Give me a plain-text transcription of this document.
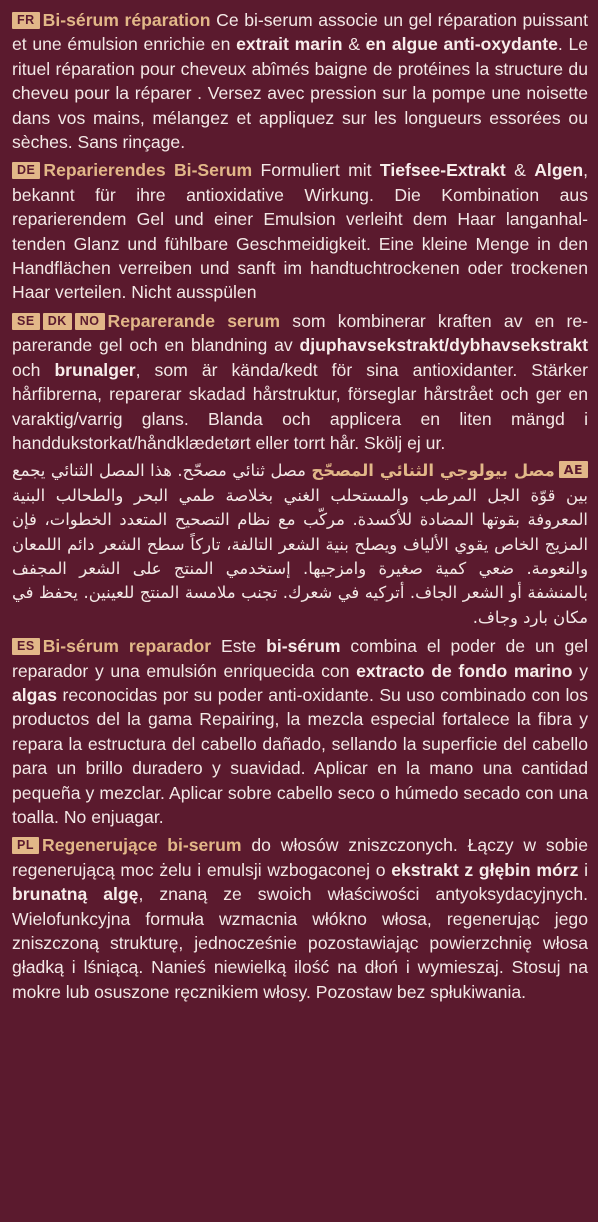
FR Bi-sérum réparation Ce bi-serum associe un gel réparation puissant et une émulsion enrichie en extrait marin & en algue anti-oxydante. Le rituel réparation pour cheveux abîmés baigne de protéines la structure du cheveu pour la réparer . Versez avec pression sur la pompe une noisette dans vos mains, mélangez et appliquez sur les longueurs essorées ou sèches. Sans rinçage.

DE Reparierendes Bi-Serum Formuliert mit Tiefsee-Extrakt & Algen, bekannt für ihre antioxidative Wirkung. Die Kombination aus reparierendem Gel und einer Emulsion verleiht dem Haar langanhaltenden Glanz und fühlbare Geschmeidigkeit. Eine kleine Menge in den Handflächen verreiben und sanft im handtuchtrockenen oder trockenen Haar verteilen. Nicht ausspülen

SE DK NO Reparerande serum som kombinerar kraften av en reparerande gel och en blandning av djuphavsekstrakt/dybhavsekstrakt och brunalger, som är kända/kedt för sina antioxidanter. Stärker hårfibrerna, reparerar skadad hårstruktur, förseglar hårstrået och ger en varaktig/varrig glans. Blanda och applicera en liten mängd i handdukstorkat/håndklædetørt eller torrt hår. Skölj ej ur.

AEمصل بيولوجي الثنائي المصحّح مصل ثنائي مصحّح. هذا المصل الثنائي يجمع بين قوّة الجل المرطب والمستحلب الغني بخلاصة طمي البحر والطحالب البنية المعروفة بقوتها المضادة للأكسدة. مركّب مع نظام التصحيح المتعدد الخطوات، فإن المزيج الخاص يقوي الألياف ويصلح بنية الشعر التالفة، تاركاً سطح الشعر دائم اللمعان والنعومة. ضعي كمية صغيرة وامزجيها. إستخدمي المنتج على الشعر المجفف بالمنشفة أو الشعر الجاف. أتركيه في شعرك. تجنب ملامسة المنتج للعينين. يحفظ في مكان بارد وجاف.

ES Bi-sérum reparador Este bi-sérum combina el poder de un gel reparador y una emulsión enriquecida con extracto de fondo marino y algas reconocidas por su poder anti-oxidante. Su uso combinado con los productos del la gama Repairing, la mezcla especial fortalece la fibra y repara la estructura del cabello dañado, sellando la superficie del cabello para un brillo duradero y suavidad. Aplicar en la mano una cantidad pequeña y mezclar. Aplicar sobre cabello seco o húmedo secado con una toalla. No enjuagar.

PL Regenerujące bi-serum do włosów zniszczonych. Łączy w sobie regenerującą moc żelu i emulsji wzbogaconej o ekstrakt z głębin mórz i brunatną algę, znaną ze swoich właściwości antyoksydacyjnych. Wielofunkcyjna formuła wzmacnia włókno włosa, regenerując jego zniszczoną strukturę, jednocześnie pozostawiając powierzchnię włosa gładką i lśniącą. Nanieś niewielką ilość na dłoń i wymieszaj. Stosuj na mokre lub osuszone ręcznikiem włosy. Pozostaw bez spłukiwania.
